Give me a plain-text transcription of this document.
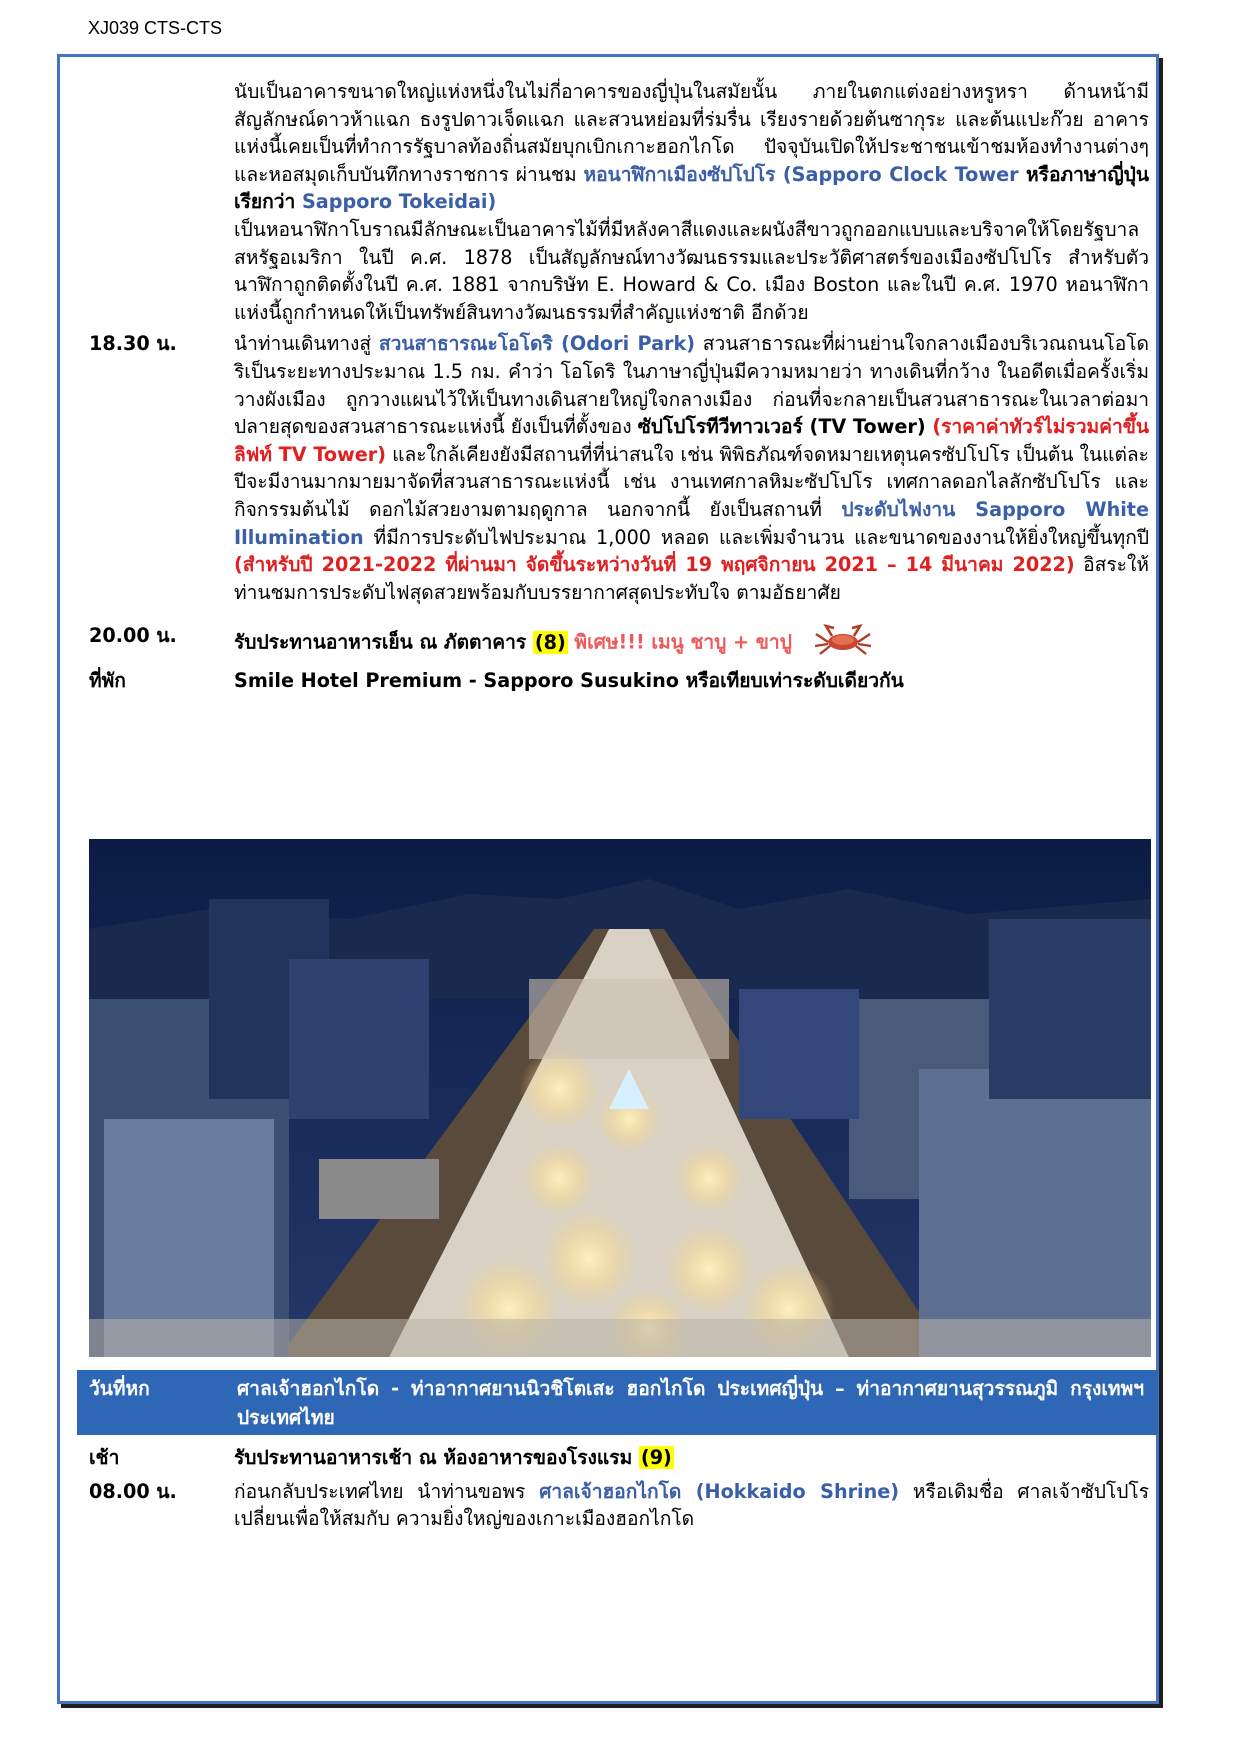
XJ039 CTS-CTS
นับเป็นอาคารขนาดใหญ่แห่งหนึ่งในไม่กี่อาคารของญี่ปุ่นในสมัยนั้น ภายในตกแต่งอย่างหรูหรา ด้านหน้ามีสัญลักษณ์ดาวห้าแฉก ธงรูปดาวเจ็ดแฉก และสวนหย่อมที่ร่มรื่น เรียงรายด้วยต้นซากุระ และต้นแปะก๊วย อาคารแห่งนี้เคยเป็นที่ทำการรัฐบาลท้องถิ่นสมัยบุกเบิกเกาะฮอกไกโด ปัจจุบันเปิดให้ประชาชนเข้าชมห้องทำงานต่างๆ และหอสมุดเก็บบันทึกทางราชการ ผ่านชม หอนาฬิกาเมืองซัปโปโร (Sapporo Clock Tower หรือภาษาญี่ปุ่นเรียกว่า Sapporo Tokeidai)
เป็นหอนาฬิกาโบราณมีลักษณะเป็นอาคารไม้ที่มีหลังคาสีแดงและผนังสีขาวถูกออกแบบและบริจาคให้โดยรัฐบาลสหรัฐอเมริกา ในปี ค.ศ. 1878 เป็นสัญลักษณ์ทางวัฒนธรรมและประวัติศาสตร์ของเมืองซัปโปโร สำหรับตัวนาฬิกาถูกติดตั้งในปี ค.ศ. 1881 จากบริษัท E. Howard & Co. เมือง Boston และในปี ค.ศ. 1970 หอนาฬิกาแห่งนี้ถูกกำหนดให้เป็นทรัพย์สินทางวัฒนธรรมที่สำคัญแห่งชาติ อีกด้วย
18.30 น.	นำท่านเดินทางสู่ สวนสาธารณะโอโดริ (Odori Park) สวนสาธารณะที่ผ่านย่านใจกลางเมืองบริเวณถนนโอโดริเป็นระยะทางประมาณ 1.5 กม. คำว่า โอโดริ ในภาษาญี่ปุ่นมีความหมายว่า ทางเดินที่กว้าง ในอดีตเมื่อครั้งเริ่มวางผังเมือง ถูกวางแผนไว้ให้เป็นทางเดินสายใหญ่ใจกลางเมือง ก่อนที่จะกลายเป็นสวนสาธารณะในเวลาต่อมา ปลายสุดของสวนสาธารณะแห่งนี้ ยังเป็นที่ตั้งของ ซัปโปโรทีวีทาวเวอร์ (TV Tower) (ราคาค่าทัวร์ไม่รวมค่าขึ้นลิฟท์ TV Tower) และใกล้เคียงยังมีสถานที่ที่น่าสนใจ เช่น พิพิธภัณฑ์จดหมายเหตุนครซัปโปโร เป็นต้น ในแต่ละปีจะมีงานมากมายมาจัดที่สวนสาธารณะแห่งนี้ เช่น งานเทศกาลหิมะซัปโปโร เทศกาลดอกไลลักซัปโปโร และกิจกรรมต้นไม้ ดอกไม้สวยงามตามฤดูกาล นอกจากนี้ ยังเป็นสถานที่ ประดับไฟงาน Sapporo White Illumination ที่มีการประดับไฟประมาณ 1,000 หลอด และเพิ่มจำนวน และขนาดของงานให้ยิ่งใหญ่ขึ้นทุกปี (สำหรับปี 2021-2022 ที่ผ่านมา จัดขึ้นระหว่างวันที่ 19 พฤศจิกายน 2021 – 14 มีนาคม 2022) อิสระให้ท่านชมการประดับไฟสุดสวยพร้อมกับบรรยากาศสุดประทับใจ ตามอัธยาศัย
20.00 น.	รับประทานอาหารเย็น ณ ภัตตาคาร (8) พิเศษ!!! เมนู ชาบู + ขาปู
ที่พัก	Smile Hotel Premium - Sapporo Susukino หรือเทียบเท่าระดับเดียวกัน
วันที่หก	ศาลเจ้าฮอกไกโด - ท่าอากาศยานนิวชิโตเสะ ฮอกไกโด ประเทศญี่ปุ่น – ท่าอากาศยานสุวรรณภูมิ กรุงเทพฯ ประเทศไทย
เช้า	รับประทานอาหารเช้า ณ ห้องอาหารของโรงแรม (9)
08.00 น.	ก่อนกลับประเทศไทย นำท่านขอพร ศาลเจ้าฮอกไกโด (Hokkaido Shrine) หรือเดิมชื่อ ศาลเจ้าซัปโปโร เปลี่ยนเพื่อให้สมกับ ความยิ่งใหญ่ของเกาะเมืองฮอกไกโด
